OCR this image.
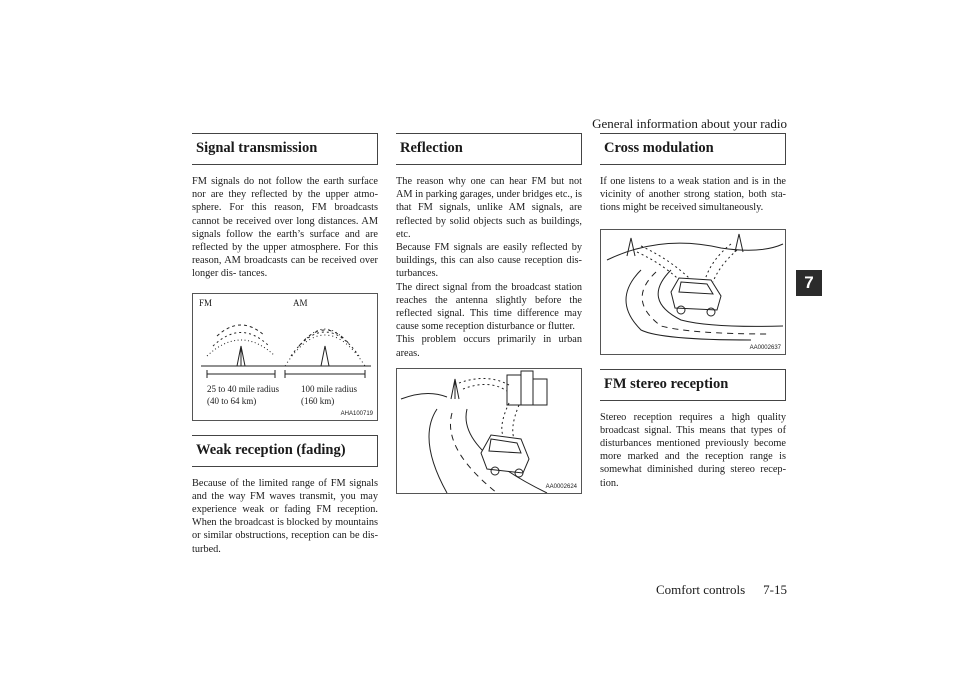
General information about your radio
7
Signal transmission

FM signals do not follow the earth surface nor are they reflected by the upper atmo- sphere. For this reason, FM broadcasts cannot be received over long distances. AM signals follow the earth’s surface and are reflected by the upper atmosphere. For this reason, AM broadcasts can be received over longer dis- tances.

FM	AM
25 to 40 mile radius
(40 to 64 km)
100 mile radius
(160 km)
AHA100719
Weak reception (fading)

Because of the limited range of FM signals and the way FM waves transmit, you may experience weak or fading FM reception. When the broadcast is blocked by mountains or similar obstructions, reception can be dis- turbed.

Reflection

The reason why one can hear FM but not AM in parking garages, under bridges etc., is that FM signals, unlike AM signals, are reflected by solid objects such as buildings, etc.

Because FM signals are easily reflected by buildings, this can also cause reception dis- turbances.

The direct signal from the broadcast station reaches the antenna slightly before the reflected signal. This time difference may cause some reception disturbance or flutter.

This problem occurs primarily in urban areas.

AA0002624
Cross modulation

If one listens to a weak station and is in the vicinity of another strong station, both sta- tions might be received simultaneously.

AA0002637
FM stereo reception

Stereo reception requires a high quality broadcast signal. This means that types of disturbances mentioned previously become more marked and the reception range is somewhat diminished during stereo recep- tion.

Comfort controls 7-15
